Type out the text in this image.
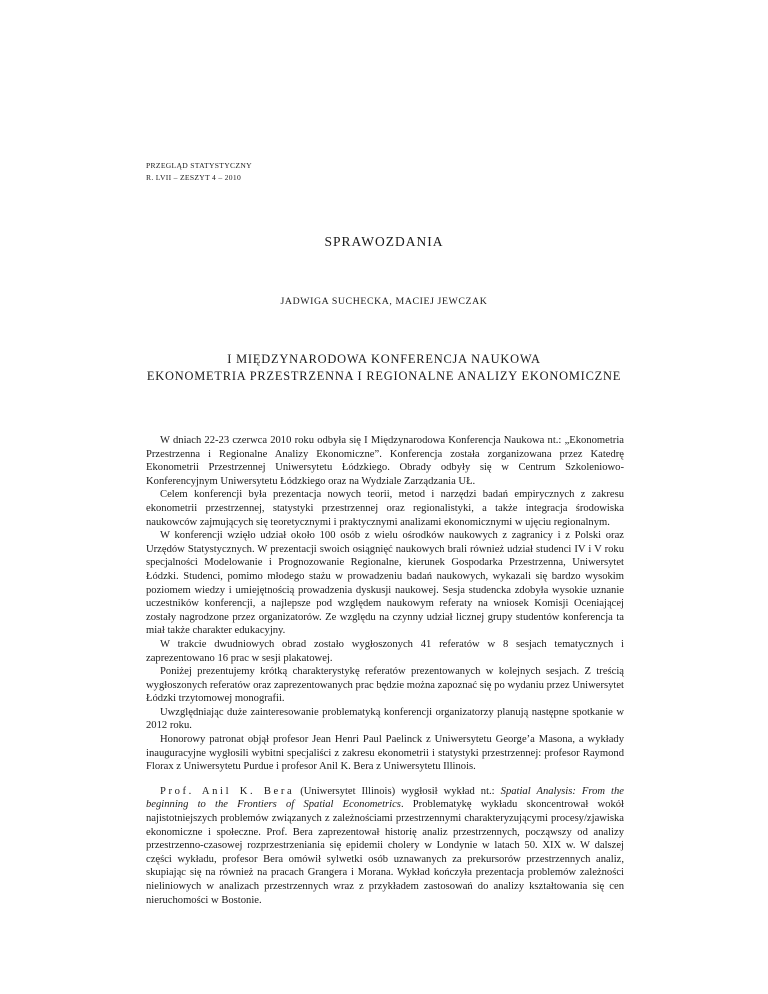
PRZEGLĄD STATYSTYCZNY
R. LVII – ZESZYT 4 – 2010
SPRAWOZDANIA
JADWIGA SUCHECKA, MACIEJ JEWCZAK
I MIĘDZYNARODOWA KONFERENCJA NAUKOWA
EKONOMETRIA PRZESTRZENNA I REGIONALNE ANALIZY EKONOMICZNE

W dniach 22-23 czerwca 2010 roku odbyła się I Międzynarodowa Konferencja Naukowa nt.: „Ekonometria Przestrzenna i Regionalne Analizy Ekonomiczne”. Konferencja została zorganizowana przez Katedrę Ekonometrii Przestrzennej Uniwersytetu Łódzkiego. Obrady odbyły się w Centrum Szkoleniowo-Konferencyjnym Uniwersytetu Łódzkiego oraz na Wydziale Zarządzania UŁ.

Celem konferencji była prezentacja nowych teorii, metod i narzędzi badań empirycznych z zakresu ekonometrii przestrzennej, statystyki przestrzennej oraz regionalistyki, a także integracja środowiska naukowców zajmujących się teoretycznymi i praktycznymi analizami ekonomicznymi w ujęciu regionalnym.

W konferencji wzięło udział około 100 osób z wielu ośrodków naukowych z zagranicy i z Polski oraz Urzędów Statystycznych. W prezentacji swoich osiągnięć naukowych brali również udział studenci IV i V roku specjalności Modelowanie i Prognozowanie Regionalne, kierunek Gospodarka Przestrzenna, Uniwersytet Łódzki. Studenci, pomimo młodego stażu w prowadzeniu badań naukowych, wykazali się bardzo wysokim poziomem wiedzy i umiejętnością prowadzenia dyskusji naukowej. Sesja studencka zdobyła wysokie uznanie uczestników konferencji, a najlepsze pod względem naukowym referaty na wniosek Komisji Oceniającej zostały nagrodzone przez organizatorów. Ze względu na czynny udział licznej grupy studentów konferencja ta miał także charakter edukacyjny.

W trakcie dwudniowych obrad zostało wygłoszonych 41 referatów w 8 sesjach tematycznych i zaprezentowano 16 prac w sesji plakatowej.

Poniżej prezentujemy krótką charakterystykę referatów prezentowanych w kolejnych sesjach. Z treścią wygłoszonych referatów oraz zaprezentowanych prac będzie można zapoznać się po wydaniu przez Uniwersytet Łódzki trzytomowej monografii.

Uwzględniając duże zainteresowanie problematyką konferencji organizatorzy planują następne spotkanie w 2012 roku.

Honorowy patronat objął profesor Jean Henri Paul Paelinck z Uniwersytetu George’a Masona, a wykłady inauguracyjne wygłosili wybitni specjaliści z zakresu ekonometrii i statystyki przestrzennej: profesor Raymond Florax z Uniwersytetu Purdue i profesor Anil K. Bera z Uniwersytetu Illinois.

Prof. Anil K. Bera (Uniwersytet Illinois) wygłosił wykład nt.: Spatial Analysis: From the beginning to the Frontiers of Spatial Econometrics. Problematykę wykładu skoncentrował wokół najistotniejszych problemów związanych z zależnościami przestrzennymi charakteryzującymi procesy/zjawiska ekonomiczne i społeczne. Prof. Bera zaprezentował historię analiz przestrzennych, począwszy od analizy przestrzenno-czasowej rozprzestrzeniania się epidemii cholery w Londynie w latach 50. XIX w. W dalszej części wykładu, profesor Bera omówił sylwetki osób uznawanych za prekursorów przestrzennych analiz, skupiając się na również na pracach Grangera i Morana. Wykład kończyła prezentacja problemów zależności nieliniowych w analizach przestrzennych wraz z przykładem zastosowań do analizy kształtowania się cen nieruchomości w Bostonie.
